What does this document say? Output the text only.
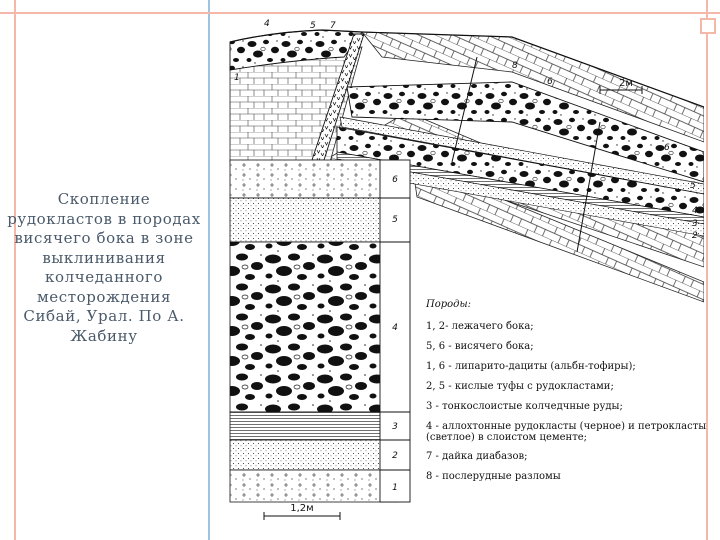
Скопление рудокластов в породах висячего бока в зоне выклинивания колчеданного месторождения Сибай, Урал. По А. Жабину
2м
4	5 7
1
8
6
6
5
4
3
2
6
5
4
3
2
1
1,2м
Породы:
1, 2- лежачего бока;
5, 6 - висячего бока;
1, 6 - липарито-дациты (альбн-тофиры);
2, 5 - кислые туфы с рудокластами;
3 - тонкослоистые колчедчные руды;
4 - аллохтонные рудокласты (черное) и петрокласты (светлое) в слоистом цементе;
7 - дайка диабазов;
8 - послерудные разломы
